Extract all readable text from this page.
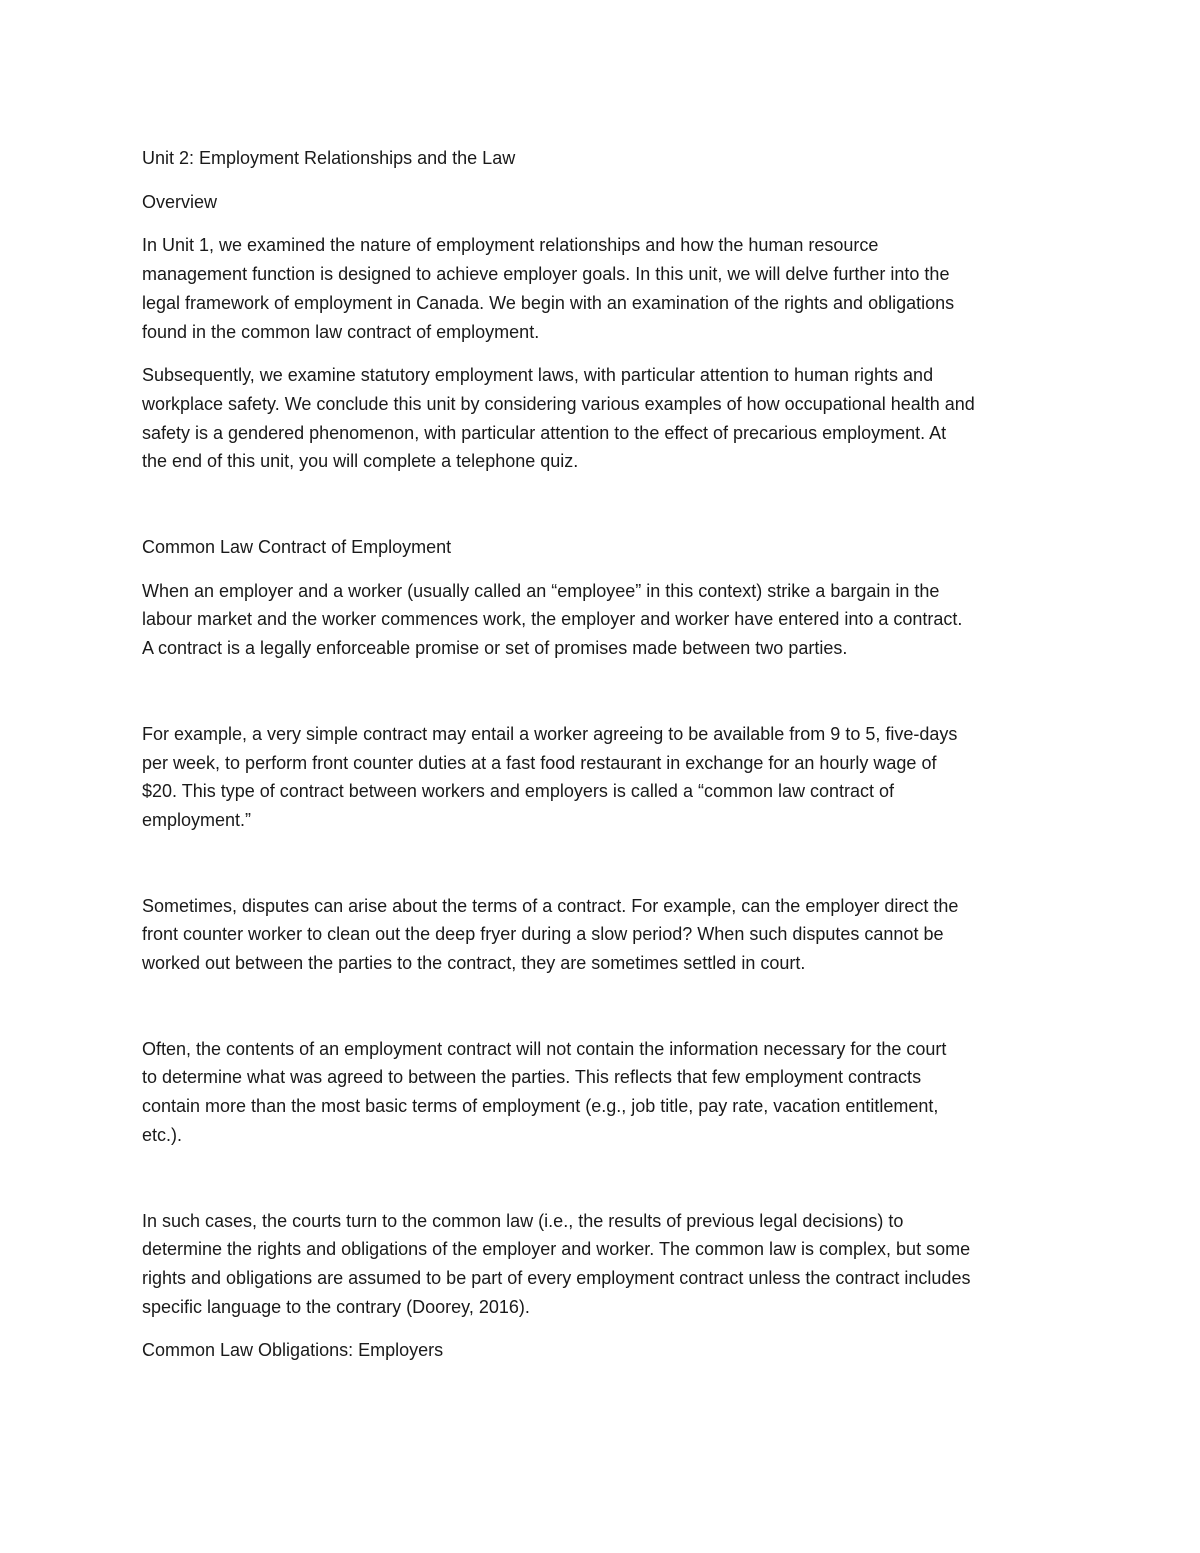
Unit 2: Employment Relationships and the Law

Overview

In Unit 1, we examined the nature of employment relationships and how the human resource
management function is designed to achieve employer goals. In this unit, we will delve further into the
legal framework of employment in Canada. We begin with an examination of the rights and obligations
found in the common law contract of employment.

Subsequently, we examine statutory employment laws, with particular attention to human rights and
workplace safety. We conclude this unit by considering various examples of how occupational health and
safety is a gendered phenomenon, with particular attention to the effect of precarious employment. At
the end of this unit, you will complete a telephone quiz.

Common Law Contract of Employment

When an employer and a worker (usually called an “employee” in this context) strike a bargain in the
labour market and the worker commences work, the employer and worker have entered into a contract.
A contract is a legally enforceable promise or set of promises made between two parties.

For example, a very simple contract may entail a worker agreeing to be available from 9 to 5, five-days
per week, to perform front counter duties at a fast food restaurant in exchange for an hourly wage of
$20. This type of contract between workers and employers is called a “common law contract of
employment.”

Sometimes, disputes can arise about the terms of a contract. For example, can the employer direct the
front counter worker to clean out the deep fryer during a slow period? When such disputes cannot be
worked out between the parties to the contract, they are sometimes settled in court.

Often, the contents of an employment contract will not contain the information necessary for the court
to determine what was agreed to between the parties. This reflects that few employment contracts
contain more than the most basic terms of employment (e.g., job title, pay rate, vacation entitlement,
etc.).

In such cases, the courts turn to the common law (i.e., the results of previous legal decisions) to
determine the rights and obligations of the employer and worker. The common law is complex, but some
rights and obligations are assumed to be part of every employment contract unless the contract includes
specific language to the contrary (Doorey, 2016).

Common Law Obligations: Employers
